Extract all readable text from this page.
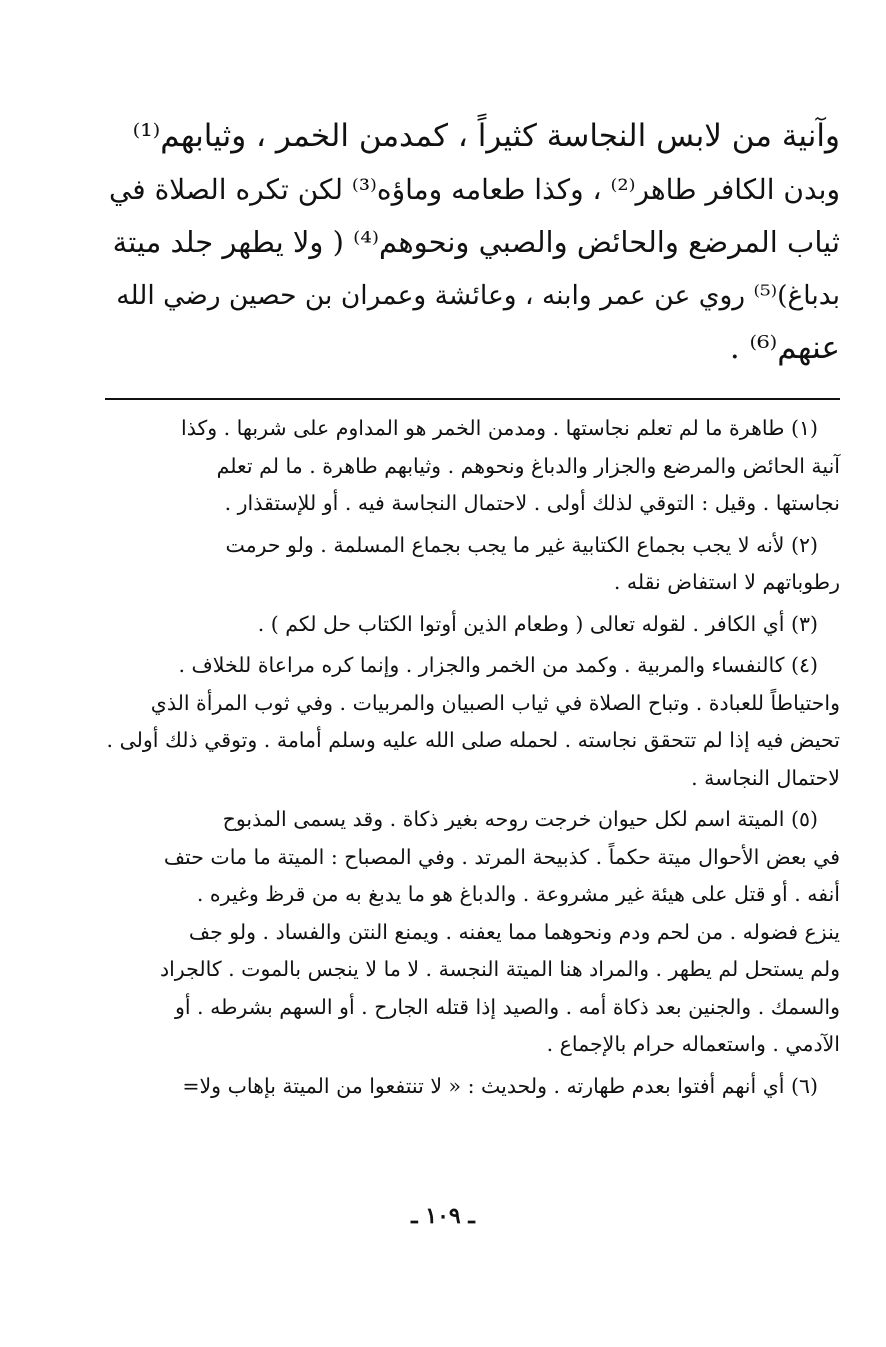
وآنية من لابس النجاسة كثيراً ، كمدمن الخمر ، وثيابهم⁽¹⁾
وبدن الكافر طاهر⁽²⁾ ، وكذا طعامه وماؤه⁽³⁾ لكن تكره الصلاة في
ثياب المرضع والحائض والصبي ونحوهم⁽⁴⁾ ( ولا يطهر جلد ميتة
بدباغ)⁽⁵⁾ روي عن عمر وابنه ، وعائشة وعمران بن حصين رضي الله
عنهم⁽⁶⁾ .

(١) طاهرة ما لم تعلم نجاستها . ومدمن الخمر هو المداوم على شربها . وكذا
آنية الحائض والمرضع والجزار والدباغ ونحوهم . وثيابهم طاهرة . ما لم تعلم
نجاستها . وقيل : التوقي لذلك أولى . لاحتمال النجاسة فيه . أو للإستقذار .
(٢) لأنه لا يجب بجماع الكتابية غير ما يجب بجماع المسلمة . ولو حرمت
رطوباتهم لا استفاض نقله .
(٣) أي الكافر . لقوله تعالى ( وطعام الذين أوتوا الكتاب حل لكم ) .
(٤) كالنفساء والمربية . وكمد من الخمر والجزار . وإنما كره مراعاة للخلاف .
واحتياطاً للعبادة . وتباح الصلاة في ثياب الصبيان والمربيات . وفي ثوب المرأة الذي
تحيض فيه إذا لم تتحقق نجاسته . لحمله صلى الله عليه وسلم أمامة . وتوقي ذلك أولى .
لاحتمال النجاسة .
(٥) الميتة اسم لكل حيوان خرجت روحه بغير ذكاة . وقد يسمى المذبوح
في بعض الأحوال ميتة حكماً . كذبيحة المرتد . وفي المصباح : الميتة ما مات حتف
أنفه . أو قتل على هيئة غير مشروعة . والدباغ هو ما يدبغ به من قرظ وغيره .
ينزع فضوله . من لحم ودم ونحوهما مما يعفنه . ويمنع النتن والفساد . ولو جف
ولم يستحل لم يطهر . والمراد هنا الميتة النجسة . لا ما لا ينجس بالموت . كالجراد
والسمك . والجنين بعد ذكاة أمه . والصيد إذا قتله الجارح . أو السهم بشرطه . أو
الآدمي . واستعماله حرام بالإجماع .
(٦) أي أنهم أفتوا بعدم طهارته . ولحديث : « لا تنتفعوا من الميتة بإهاب ولا=
ـ ١٠٩ ـ
